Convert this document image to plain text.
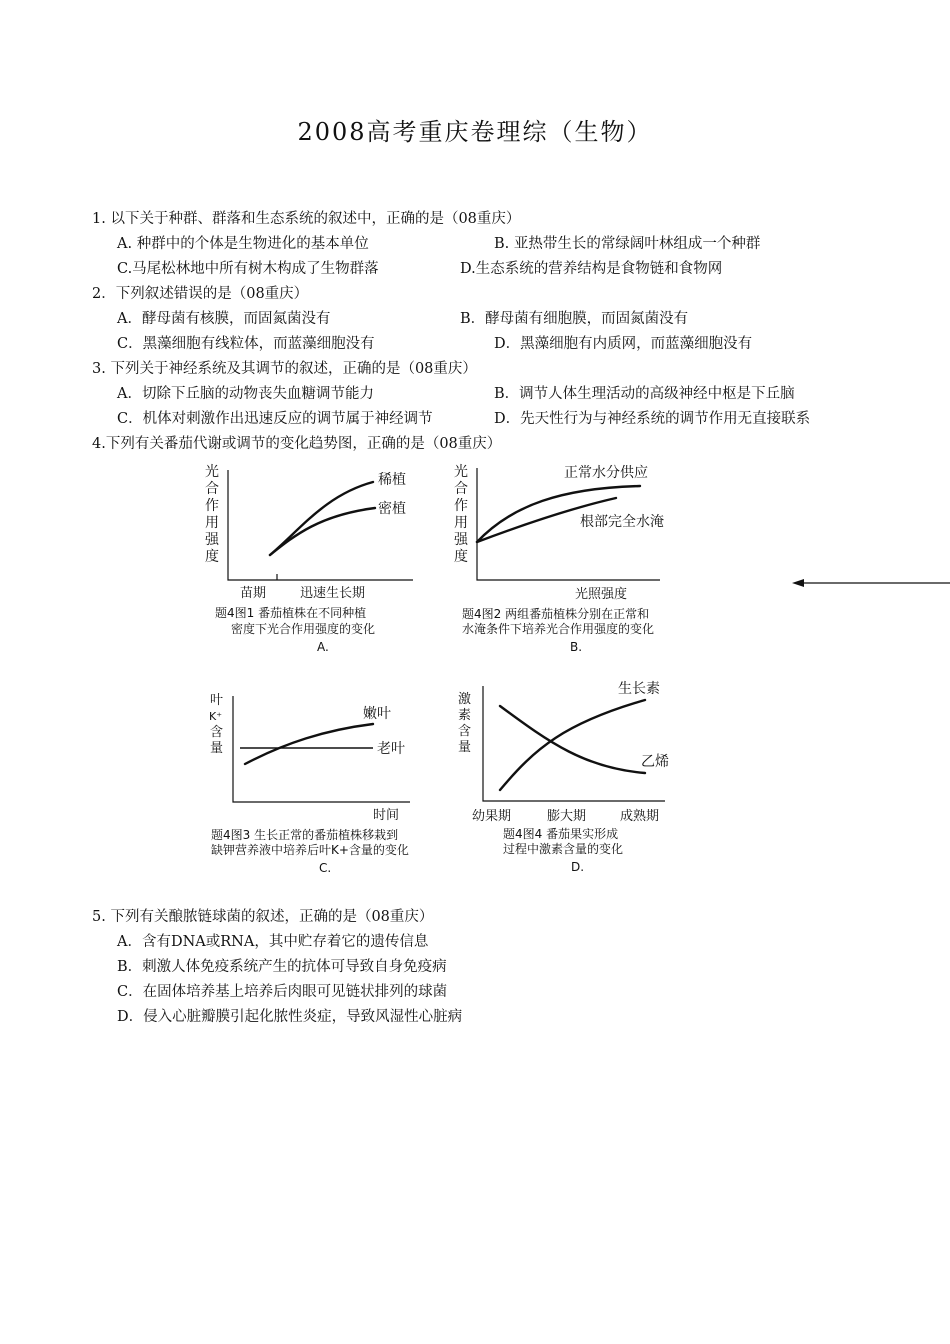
2008高考重庆卷理综（生物）
1. 以下关于种群、群落和生态系统的叙述中，正确的是（08重庆）
A. 种群中的个体是生物进化的基本单位	B. 亚热带生长的常绿阔叶林组成一个种群
C.马尾松林地中所有树木构成了生物群落	D.生态系统的营养结构是食物链和食物网
2．下列叙述错误的是（08重庆）
A．酵母菌有核膜，而固氮菌没有	B．酵母菌有细胞膜，而固氮菌没有
C．黑藻细胞有线粒体，而蓝藻细胞没有	D．黑藻细胞有内质网，而蓝藻细胞没有
3. 下列关于神经系统及其调节的叙述，正确的是（08重庆）
A．切除下丘脑的动物丧失血糖调节能力	B．调节人体生理活动的高级神经中枢是下丘脑
C．机体对刺激作出迅速反应的调节属于神经调节	D．先天性行为与神经系统的调节作用无直接联系
4.下列有关番茄代谢或调节的变化趋势图，正确的是（08重庆）
光
合
作
用
强
度
稀植
密植
苗期	迅速生长期
题4图1 番茄植株在不同种植
密度下光合作用强度的变化
A.
光
合
作
用
强
度
正常水分供应
根部完全水淹
光照强度
题4图2 两组番茄植株分别在正常和
水淹条件下培养光合作用强度的变化
B.
叶
K⁺
含
量
嫩叶
老叶
时间
题4图3 生长正常的番茄植株移栽到
缺钾营养液中培养后叶K+含量的变化
C.
激
素
含
量
生长素
乙烯
幼果期	膨大期	成熟期
题4图4 番茄果实形成
过程中激素含量的变化
D.
5. 下列有关酿脓链球菌的叙述，正确的是（08重庆）
A．含有DNA或RNA，其中贮存着它的遗传信息
B．刺激人体免疫系统产生的抗体可导致自身免疫病
C．在固体培养基上培养后肉眼可见链状排列的球菌
D．侵入心脏瓣膜引起化脓性炎症，导致风湿性心脏病
